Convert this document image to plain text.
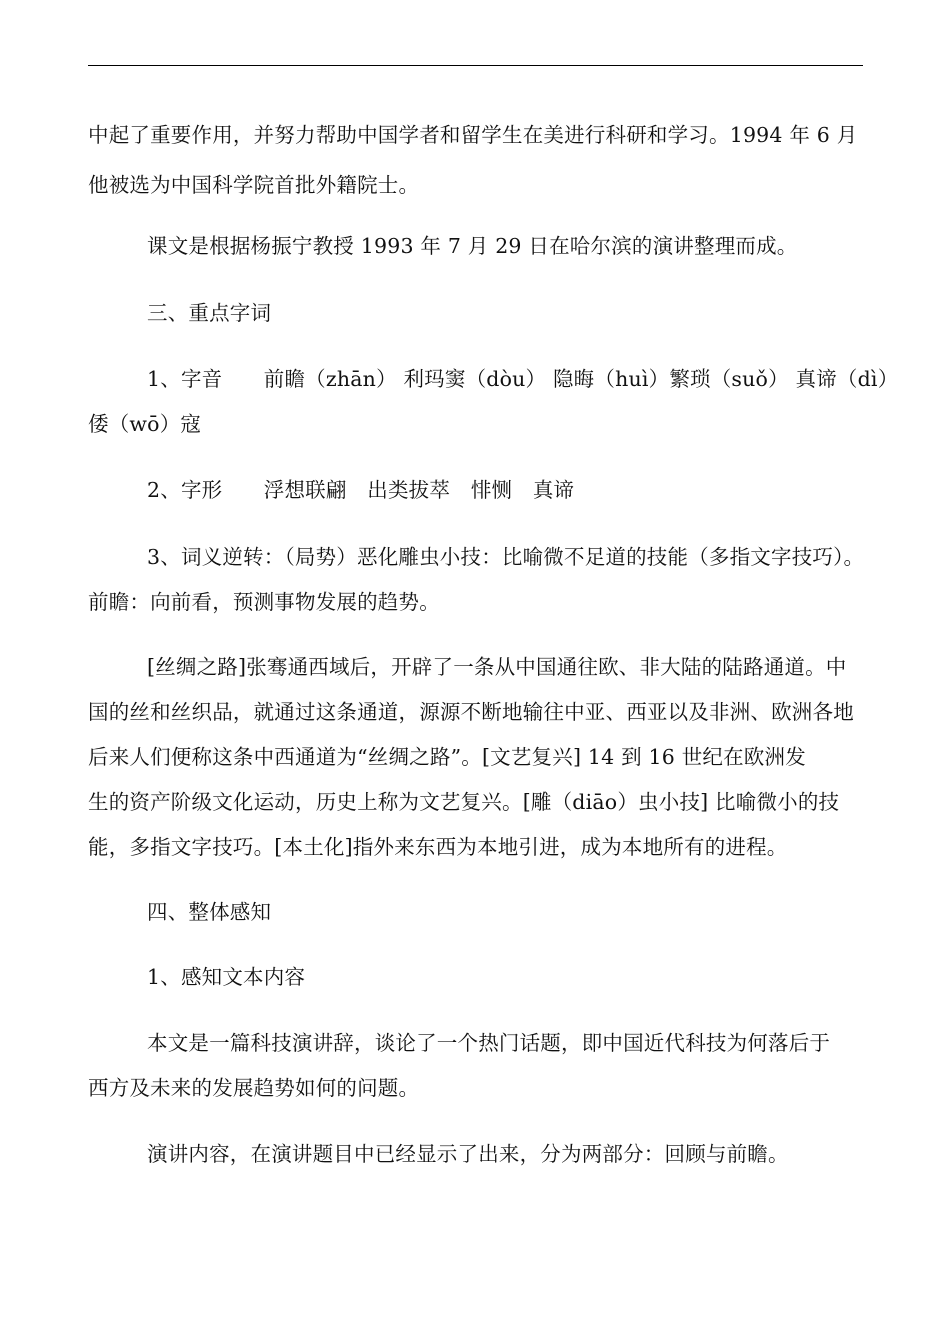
中起了重要作用，并努力帮助中国学者和留学生在美进行科研和学习。1994 年 6 月
他被选为中国科学院首批外籍院士。
课文是根据杨振宁教授 1993 年 7 月 29 日在哈尔滨的演讲整理而成。
三、重点字词
1、字音　　前瞻（zhān） 利玛窦（dòu） 隐晦（huì）繁琐（suǒ） 真谛（dì）
倭（wō）寇
2、字形　　浮想联翩　出类拔萃　悱恻　真谛
3、词义逆转：（局势）恶化雕虫小技：比喻微不足道的技能（多指文字技巧）。
前瞻：向前看，预测事物发展的趋势。
[丝绸之路]张骞通西域后，开辟了一条从中国通往欧、非大陆的陆路通道。中
国的丝和丝织品，就通过这条通道，源源不断地输往中亚、西亚以及非洲、欧洲各地
后来人们便称这条中西通道为“丝绸之路”。[文艺复兴] 14 到 16 世纪在欧洲发
生的资产阶级文化运动，历史上称为文艺复兴。[雕（diāo）虫小技] 比喻微小的技
能，多指文字技巧。[本土化]指外来东西为本地引进，成为本地所有的进程。
四、整体感知
1、感知文本内容
本文是一篇科技演讲辞，谈论了一个热门话题，即中国近代科技为何落后于
西方及未来的发展趋势如何的问题。
演讲内容，在演讲题目中已经显示了出来，分为两部分：回顾与前瞻。
